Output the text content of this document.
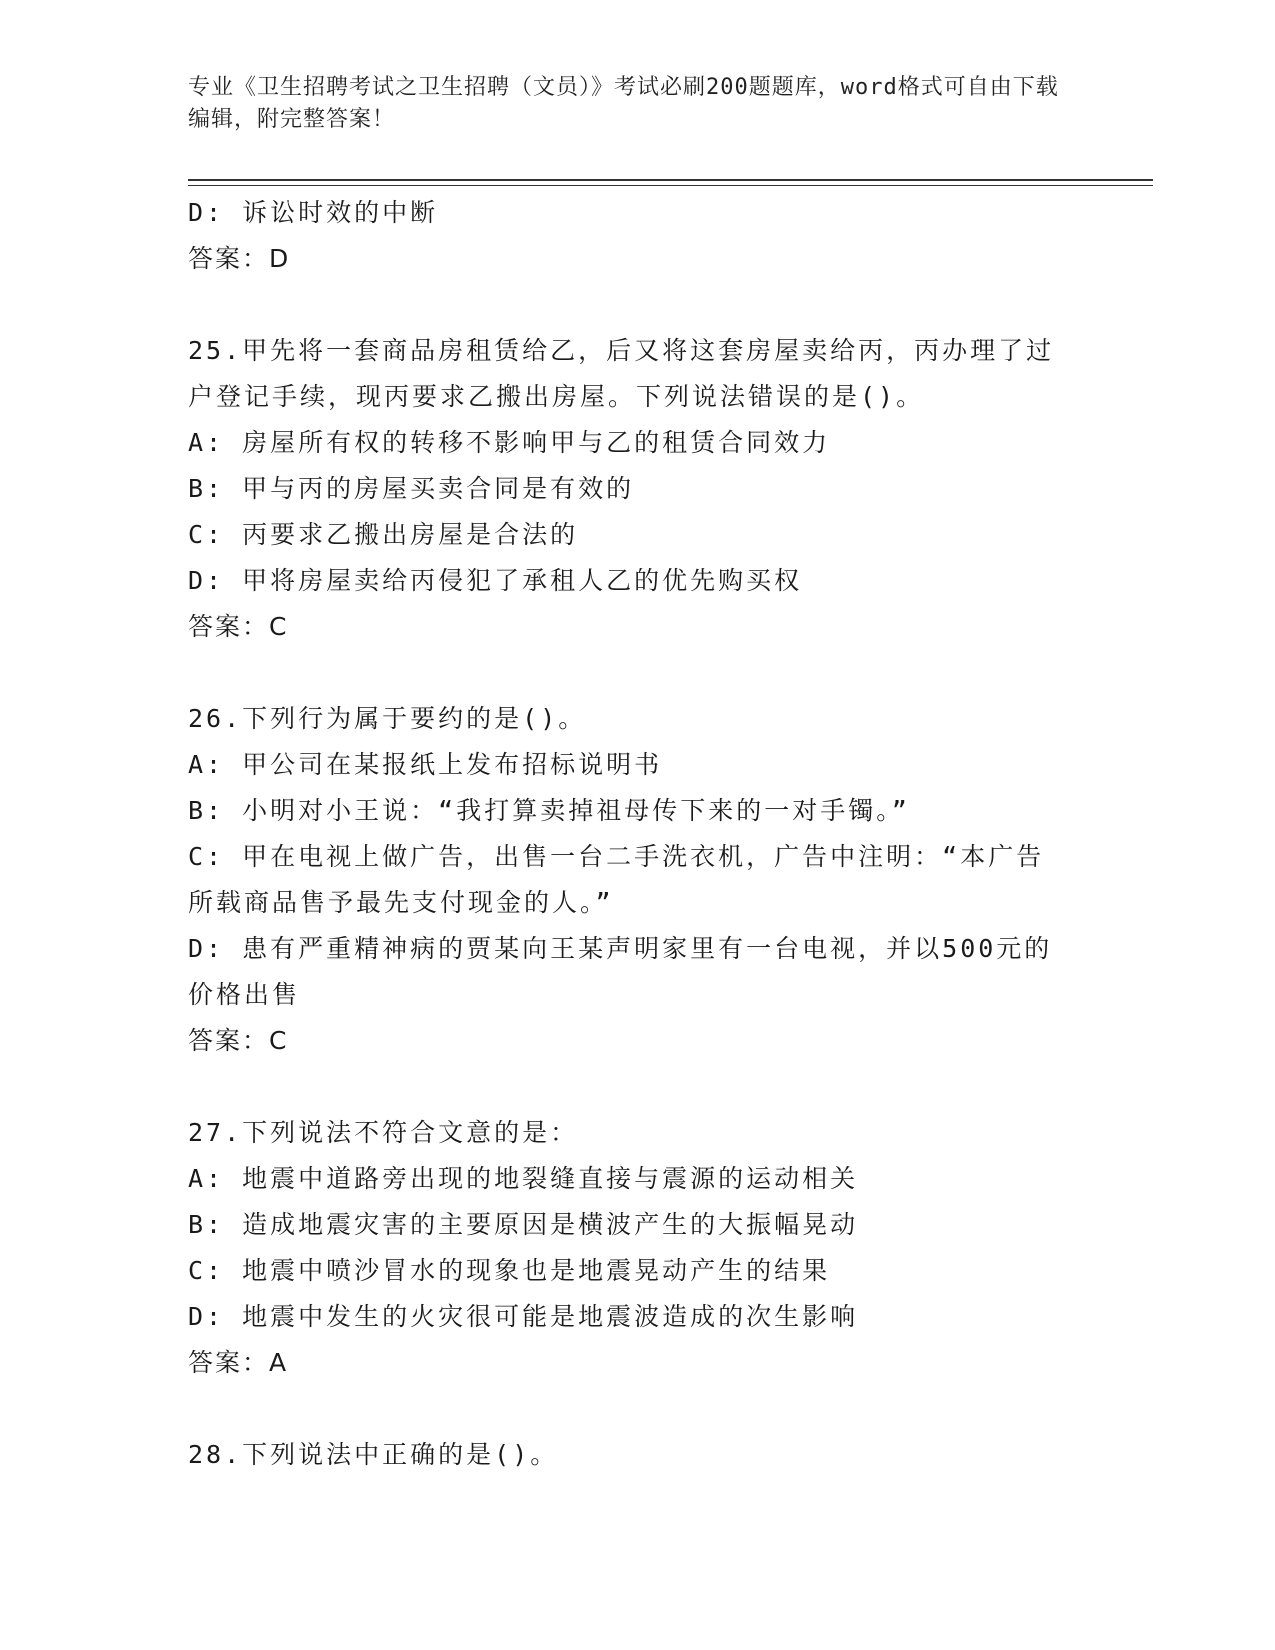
专业《卫生招聘考试之卫生招聘（文员）》考试必刷200题题库，word格式可自由下载编辑，附完整答案！
D: 诉讼时效的中断
答案：D
25.甲先将一套商品房租赁给乙，后又将这套房屋卖给丙，丙办理了过
户登记手续，现丙要求乙搬出房屋。下列说法错误的是()。
A: 房屋所有权的转移不影响甲与乙的租赁合同效力
B: 甲与丙的房屋买卖合同是有效的
C: 丙要求乙搬出房屋是合法的
D: 甲将房屋卖给丙侵犯了承租人乙的优先购买权
答案：C
26.下列行为属于要约的是()。
A: 甲公司在某报纸上发布招标说明书
B: 小明对小王说：“我打算卖掉祖母传下来的一对手镯。”
C: 甲在电视上做广告，出售一台二手洗衣机，广告中注明：“本广告
所载商品售予最先支付现金的人。”
D: 患有严重精神病的贾某向王某声明家里有一台电视，并以500元的
价格出售
答案：C
27.下列说法不符合文意的是：
A: 地震中道路旁出现的地裂缝直接与震源的运动相关
B: 造成地震灾害的主要原因是横波产生的大振幅晃动
C: 地震中喷沙冒水的现象也是地震晃动产生的结果
D: 地震中发生的火灾很可能是地震波造成的次生影响
答案：A
28.下列说法中正确的是()。
